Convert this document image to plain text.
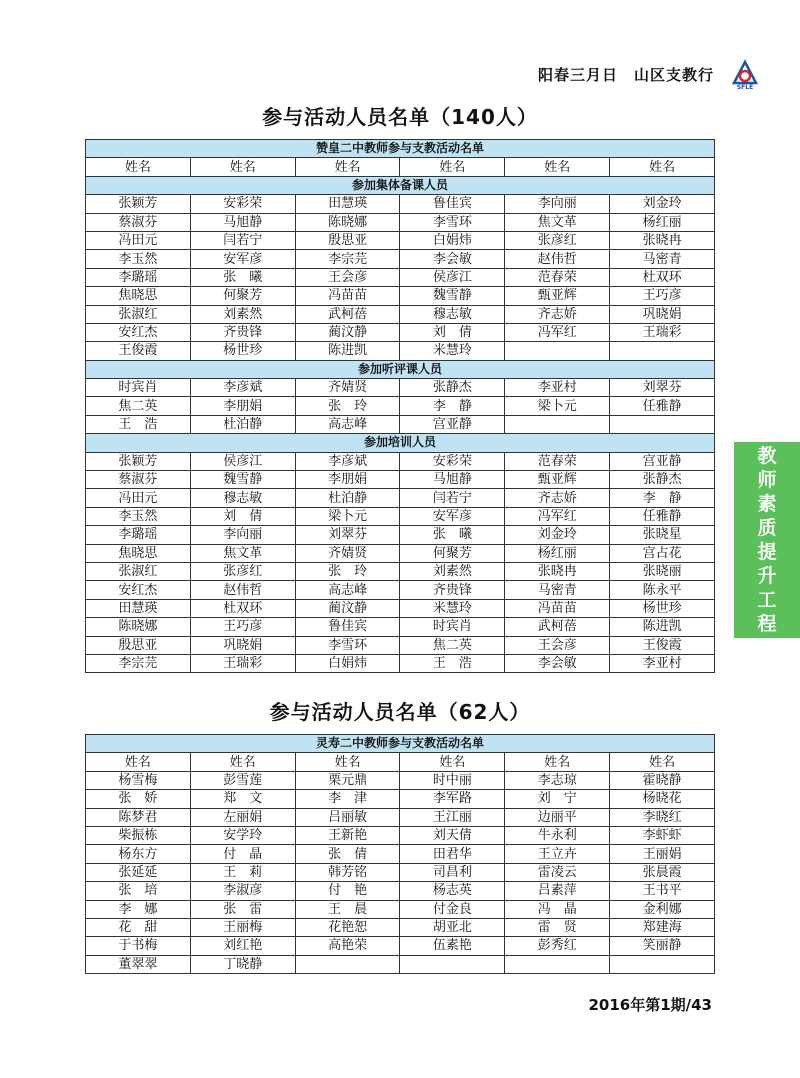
阳春三月日　山区支教行
SFLE
参与活动人员名单（140人）
赞皇二中教师参与支教活动名单					
姓名	姓名	姓名	姓名	姓名	姓名
参加集体备课人员					
张颖芳	安彩荣	田慧瑛	鲁佳宾	李向丽	刘金玲
蔡淑芬	马旭静	陈晓娜	李雪环	焦文革	杨红丽
冯田元	闫若宁	殷思亚	白娟炜	张彦红	张晓冉
李玉然	安军彦	李宗芫	李会敏	赵伟哲	马密青
李璐瑶	张　曦	王会彦	侯彦江	范春荣	杜双环
焦晓思	何聚芳	冯苗苗	魏雪静	甄亚辉	王巧彦
张淑红	刘素然	武柯蓓	穆志敏	齐志娇	巩晓娟
安红杰	齐贵锋	蔺汶静	刘　倩	冯军红	王瑞彩
王俊霞	杨世珍	陈进凯	米慧玲		
参加听评课人员					
时宾肖	李彦斌	齐婧贤	张静杰	李亚村	刘翠芬
焦二英	李朋娟	张　玲	李　静	梁卜元	任雅静
王　浩	杜泊静	高志峰	宫亚静		
参加培训人员					
张颖芳	侯彦江	李彦斌	安彩荣	范春荣	宫亚静
蔡淑芬	魏雪静	李朋娟	马旭静	甄亚辉	张静杰
冯田元	穆志敏	杜泊静	闫若宁	齐志娇	李　静
李玉然	刘　倩	梁卜元	安军彦	冯军红	任雅静
李璐瑶	李向丽	刘翠芬	张　曦	刘金玲	张晓星
焦晓思	焦文革	齐婧贤	何聚芳	杨红丽	宫占花
张淑红	张彦红	张　玲	刘素然	张晓冉	张晓丽
安红杰	赵伟哲	高志峰	齐贵锋	马密青	陈永平
田慧瑛	杜双环	蔺汶静	米慧玲	冯苗苗	杨世珍
陈晓娜	王巧彦	鲁佳宾	时宾肖	武柯蓓	陈进凯
殷思亚	巩晓娟	李雪环	焦二英	王会彦	王俊霞
李宗芫	王瑞彩	白娟炜	王　浩	李会敏	李亚村
参与活动人员名单（62人）
灵寿二中教师参与支教活动名单					
姓名	姓名	姓名	姓名	姓名	姓名
杨雪梅	彭雪莲	栗元鼎	时中丽	李志琼	霍晓静
张　娇	郑　文	李　津	李军路	刘　宁	杨晓花
陈梦君	左丽娟	吕丽敏	王江丽	边丽平	李晓红
柴振栋	安学玲	王新艳	刘天倩	牛永利	李虾虾
杨东方	付　晶	张　倩	田君华	王立卉	王丽娟
张延延	王　莉	韩芳铭	司昌利	雷凌云	张晨霞
张　培	李淑彦	付　艳	杨志英	吕素萍	王书平
李　娜	张　雷	王　晨	付金良	冯　晶	金利娜
花　甜	王丽梅	花艳恕	胡亚北	雷　贤	郑建海
于书梅	刘红艳	高艳荣	伍素艳	彭秀红	笑丽静
董翠翠	丁晓静				
教
师
素
质
提
升
工
程
2016年第1期/43
